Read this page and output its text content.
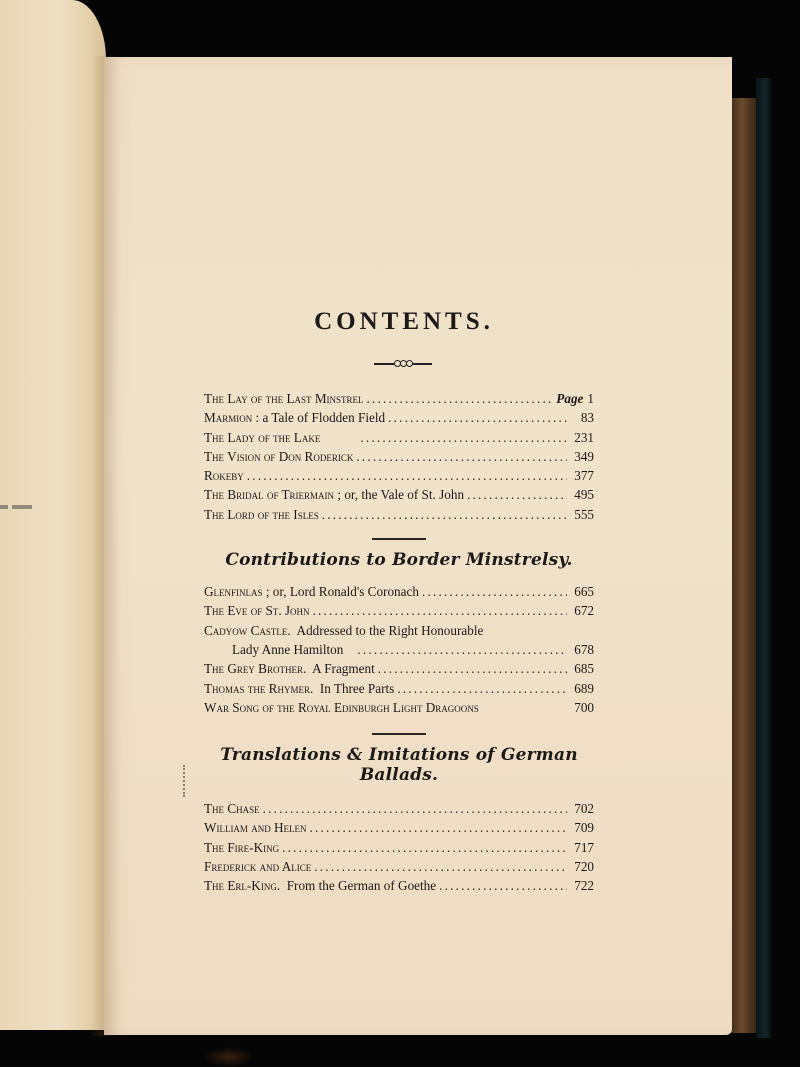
CONTENTS.
The Lay of the Last Minstrel .....	Page 1
Marmion : a Tale of Flodden Field .....	83
The Lady of the Lake .....	231
The Vision of Don Roderick .....	349
Rokeby .....	377
The Bridal of Triermain ; or, the Vale of St. John .....	495
The Lord of the Isles .....	555
Contributions to Border Minstrelsy.
Glenfinlas ; or, Lord Ronald's Coronach .....	665
The Eve of St. John .....	672
Cadyow Castle.  Addressed to the Right Honourable
Lady Anne Hamilton .....	678
The Grey Brother.  A Fragment .....	685
Thomas the Rhymer.  In Three Parts .....	689
War Song of the Royal Edinburgh Light Dragoons	700
Translations & Imitations of German Ballads.
The Chase .....	702
William and Helen .....	709
The Fire-King .....	717
Frederick and Alice .....	720
The Erl-King.  From the German of Goethe .....	722
